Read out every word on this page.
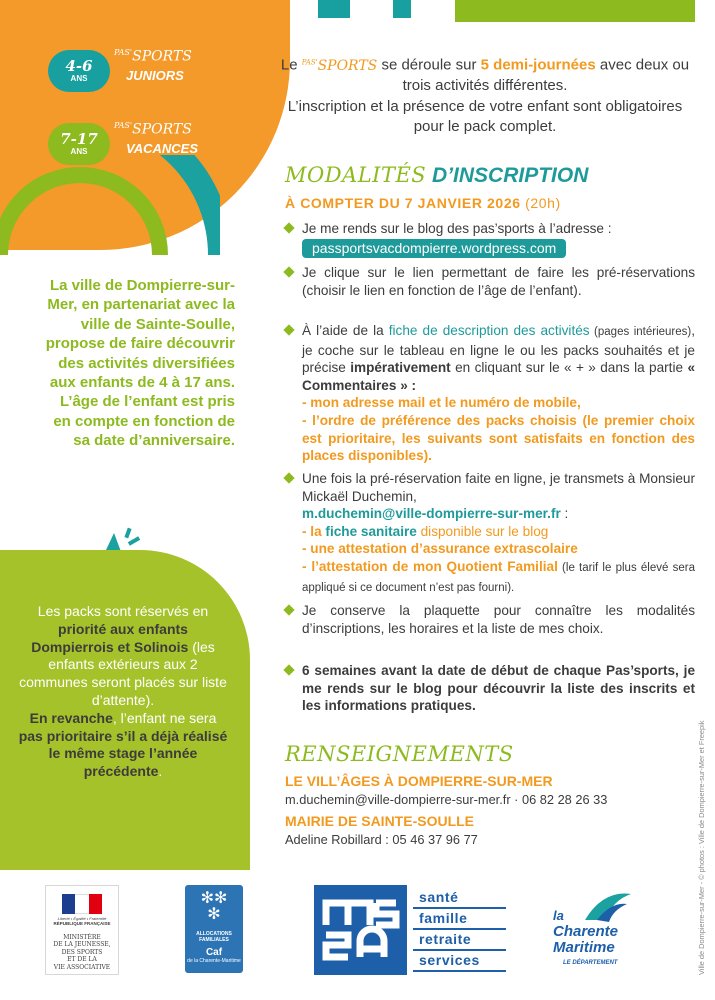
4-6
ANS
$^{PAS'}$SPORTS
JUNIORS
7-17
ANS
$^{PAS'}$SPORTS
VACANCES
La ville de Dompierre-sur-Mer, en partenariat avec la ville de Sainte-Soulle, propose de faire découvrir des activités diversifiées aux enfants de 4 à 17 ans. L’âge de l’enfant est pris en compte en fonction de sa date d’anniversaire.
Les packs sont réservés en priorité aux enfants Dompierrois et Solinois (les enfants extérieurs aux 2 communes seront placés sur liste d’attente).
En revanche, l’enfant ne sera pas prioritaire s’il a déjà réalisé le même stage l’année précédente.
Le $^{PAS'}$SPORTS se déroule sur 5 demi-journées avec deux ou trois activités différentes.
L’inscription et la présence de votre enfant sont obligatoires pour le pack complet.
MODALITÉS D’INSCRIPTION
À COMPTER DU 7 JANVIER 2026 (20h)
Je me rends sur le blog des pas’sports à l’adresse :
passportsvacdompierre.wordpress.com
Je clique sur le lien permettant de faire les pré-réservations (choisir le lien en fonction de l’âge de l’enfant).
À l’aide de la fiche de description des activités (pages intérieures), je coche sur le tableau en ligne le ou les packs souhaités et je précise impérativement en cliquant sur le « + » dans la partie « Commentaires » :
- mon adresse mail et le numéro de mobile,
- l’ordre de préférence des packs choisis (le premier choix est prioritaire, les suivants sont satisfaits en fonction des places disponibles).
Une fois la pré-réservation faite en ligne, je transmets à Monsieur Mickaël Duchemin,
m.duchemin@ville-dompierre-sur-mer.fr :
- la fiche sanitaire disponible sur le blog
- une attestation d’assurance extrascolaire
- l’attestation de mon Quotient Familial (le tarif le plus élevé sera appliqué si ce document n’est pas fourni).
Je conserve la plaquette pour connaître les modalités d’inscriptions, les horaires et la liste de mes choix.
6 semaines avant la date de début de chaque Pas’sports, je me rends sur le blog pour découvrir la liste des inscrits et les informations pratiques.
RENSEIGNEMENTS
LE VILL’ÂGES À DOMPIERRE-SUR-MER
m.duchemin@ville-dompierre-sur-mer.fr · 06 82 28 26 33
MAIRIE DE SAINTE-SOULLE
Adeline Robillard : 05 46 37 96 77	Ville de Dompierre-sur-Mer - © photos : Ville de Dompierre-sur-Mer et Freepik
Liberté • Égalité • Fraternité
RÉPUBLIQUE FRANÇAISE
MINISTÈRE
DE LA JEUNESSE,
DES SPORTS
ET DE LA
VIE ASSOCIATIVE
✻✻
✻
ALLOCATIONS FAMILIALES
Caf
de la Charente-Maritime
santé
famille
retraite
services
la
Charente
Maritime
LE DÉPARTEMENT
